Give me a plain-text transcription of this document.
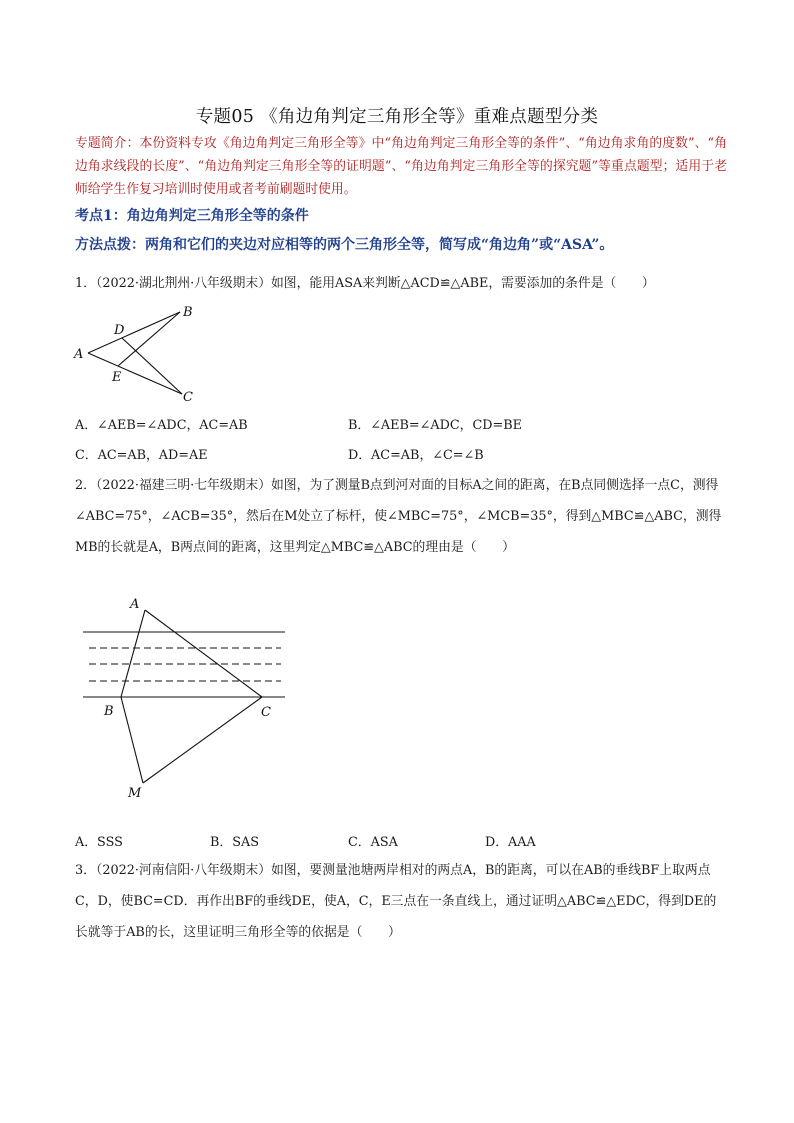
专题05 《角边角判定三角形全等》重难点题型分类
专题简介：本份资料专攻《角边角判定三角形全等》中“角边角判定三角形全等的条件”、“角边角求角的度数”、“角边角求线段的长度”、“角边角判定三角形全等的证明题”、“角边角判定三角形全等的探究题”等重点题型；适用于老师给学生作复习培训时使用或者考前刷题时使用。
考点1：角边角判定三角形全等的条件
方法点拨：两角和它们的夹边对应相等的两个三角形全等，简写成“角边角”或“ASA”。
1．（2022·湖北荆州·八年级期末）如图，能用ASA来判断△ACD≌△ABE，需要添加的条件是（　　）
A
B
C
D
E
A．∠AEB=∠ADC，AC=AB	B．∠AEB=∠ADC，CD=BE
C．AC=AB，AD=AE	D．AC=AB，∠C=∠B
2．（2022·福建三明·七年级期末）如图，为了测量B点到河对面的目标A之间的距离，在B点同侧选择一点C，测得∠ABC=75°，∠ACB=35°，然后在M处立了标杆，使∠MBC=75°，∠MCB=35°，得到△MBC≌△ABC，测得MB的长就是A，B两点间的距离，这里判定△MBC≌△ABC的理由是（　　）
A
B	C
M
A．SSS	B．SAS	C．ASA	D．AAA
3．（2022·河南信阳·八年级期末）如图，要测量池塘两岸相对的两点A，B的距离，可以在AB的垂线BF上取两点C，D，使BC=CD．再作出BF的垂线DE，使A，C，E三点在一条直线上，通过证明△ABC≌△EDC，得到DE的长就等于AB的长，这里证明三角形全等的依据是（　　）
